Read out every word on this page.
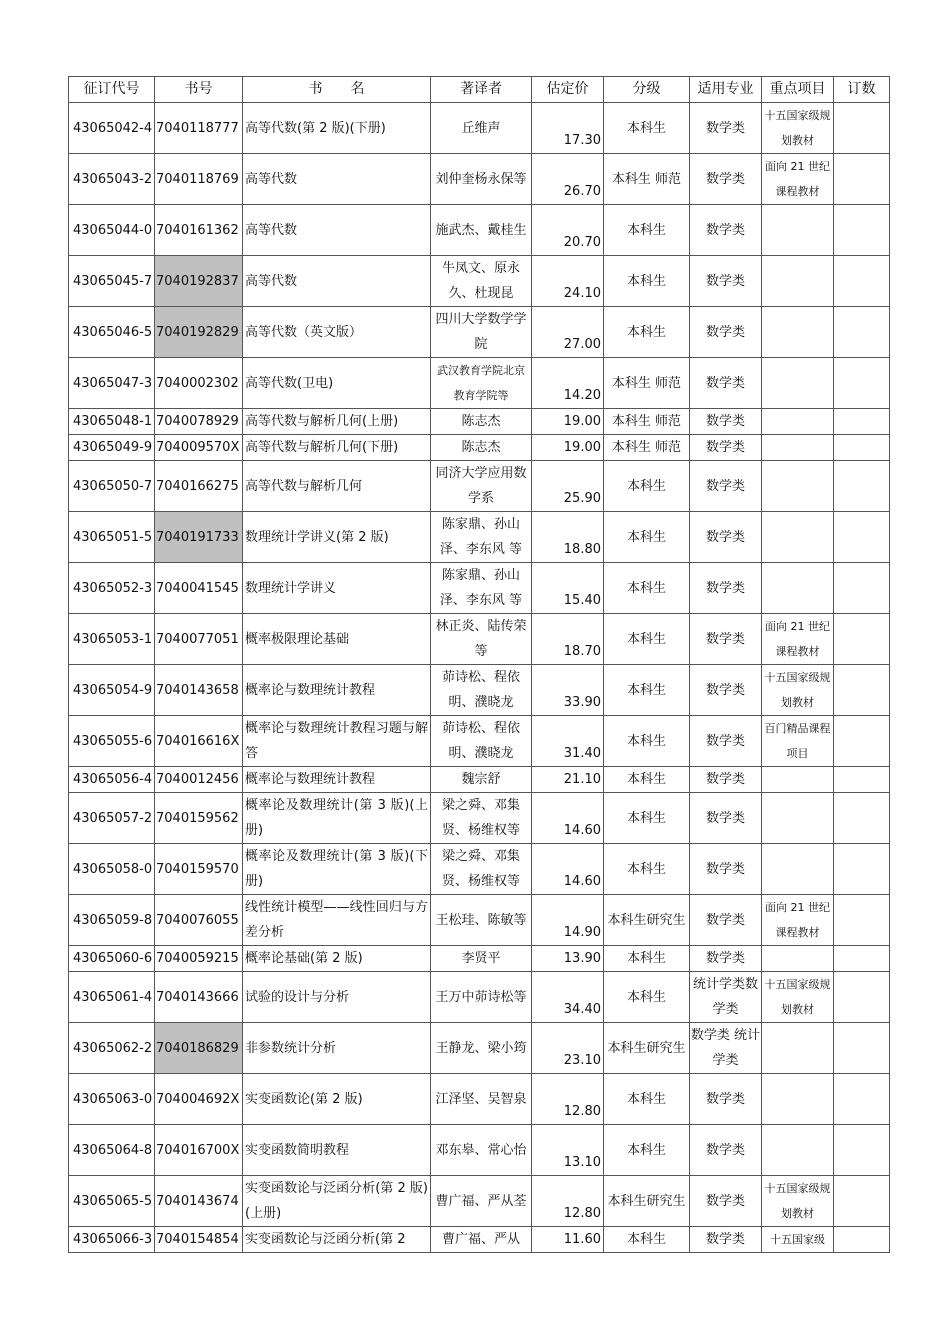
征订代号	书号	书　　名	著译者	估定价	分级	适用专业	重点项目	订数
43065042-4	7040118777	高等代数(第 2 版)(下册)	丘维声	17.30	本科生	数学类	十五国家级规划教材	
43065043-2	7040118769	高等代数	刘仲奎杨永保等	26.70	本科生 师范	数学类	面向 21 世纪课程教材	
43065044-0	7040161362	高等代数	施武杰、戴桂生	20.70	本科生	数学类		
43065045-7	7040192837	高等代数	牛凤文、原永久、杜现昆	24.10	本科生	数学类		
43065046-5	7040192829	高等代数（英文版）	四川大学数学学院	27.00	本科生	数学类		
43065047-3	7040002302	高等代数(卫电)	武汉教育学院北京教育学院等	14.20	本科生 师范	数学类		
43065048-1	7040078929	高等代数与解析几何(上册)	陈志杰	19.00	本科生 师范	数学类		
43065049-9	704009570X	高等代数与解析几何(下册)	陈志杰	19.00	本科生 师范	数学类		
43065050-7	7040166275	高等代数与解析几何	同济大学应用数学系	25.90	本科生	数学类		
43065051-5	7040191733	数理统计学讲义(第 2 版)	陈家鼎、孙山泽、李东风 等	18.80	本科生	数学类		
43065052-3	7040041545	数理统计学讲义	陈家鼎、孙山泽、李东风 等	15.40	本科生	数学类		
43065053-1	7040077051	概率极限理论基础	林正炎、陆传荣等	18.70	本科生	数学类	面向 21 世纪课程教材	
43065054-9	7040143658	概率论与数理统计教程	茆诗松、程依明、濮晓龙	33.90	本科生	数学类	十五国家级规划教材	
43065055-6	704016616X	概率论与数理统计教程习题与解答	茆诗松、程依明、濮晓龙	31.40	本科生	数学类	百门精品课程项目	
43065056-4	7040012456	概率论与数理统计教程	魏宗舒	21.10	本科生	数学类		
43065057-2	7040159562	概率论及数理统计(第 3 版)(上册)	梁之舜、邓集贤、杨维权等	14.60	本科生	数学类		
43065058-0	7040159570	概率论及数理统计(第 3 版)(下册)	梁之舜、邓集贤、杨维权等	14.60	本科生	数学类		
43065059-8	7040076055	线性统计模型——线性回归与方差分析	王松珪、陈敏等	14.90	本科生研究生	数学类	面向 21 世纪课程教材	
43065060-6	7040059215	概率论基础(第 2 版)	李贤平	13.90	本科生	数学类		
43065061-4	7040143666	试验的设计与分析	王万中茆诗松等	34.40	本科生	统计学类数学类	十五国家级规划教材	
43065062-2	7040186829	非参数统计分析	王静龙、梁小筠	23.10	本科生研究生	数学类 统计学类		
43065063-0	704004692X	实变函数论(第 2 版)	江泽坚、吴智泉	12.80	本科生	数学类		
43065064-8	704016700X	实变函数简明教程	邓东皋、常心怡	13.10	本科生	数学类		
43065065-5	7040143674	实变函数论与泛函分析(第 2 版)(上册)	曹广福、严从荃	12.80	本科生研究生	数学类	十五国家级规划教材	
43065066-3	7040154854	实变函数论与泛函分析(第 2	曹广福、严从	11.60	本科生	数学类	十五国家级	
